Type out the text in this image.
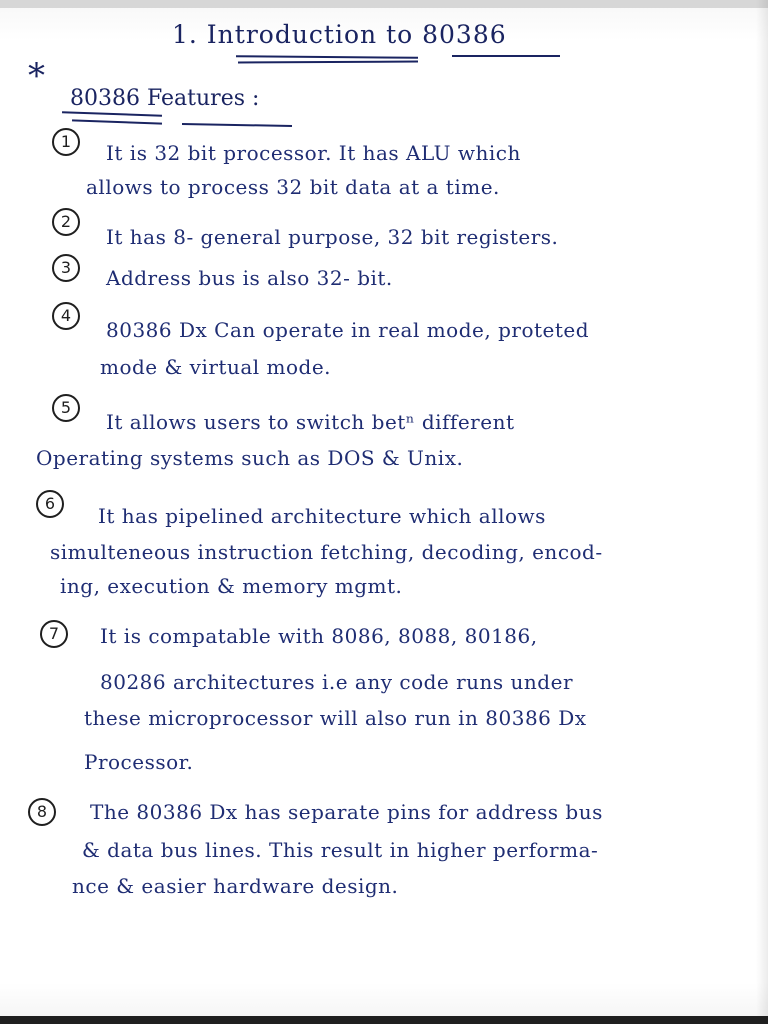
1. Introduction to 80386
*
80386 Features :
1	It is 32 bit processor. It has ALU which
allows to process 32 bit data at a time.
2
It has 8- general purpose, 32 bit registers.
3	Address bus is also 32- bit.
4
80386 Dx Can operate in real mode, proteted
mode & virtual mode.
5
It allows users to switch betⁿ different
Operating systems such as DOS & Unix.
6
It has pipelined architecture which allows
simulteneous instruction fetching, decoding, encod-
ing, execution & memory mgmt.
7	It is compatable with 8086, 8088, 80186,
80286 architectures i.e any code runs under
these microprocessor will also run in 80386 Dx
Processor.
8	The 80386 Dx has separate pins for address bus
& data bus lines. This result in higher performa-
nce & easier hardware design.
